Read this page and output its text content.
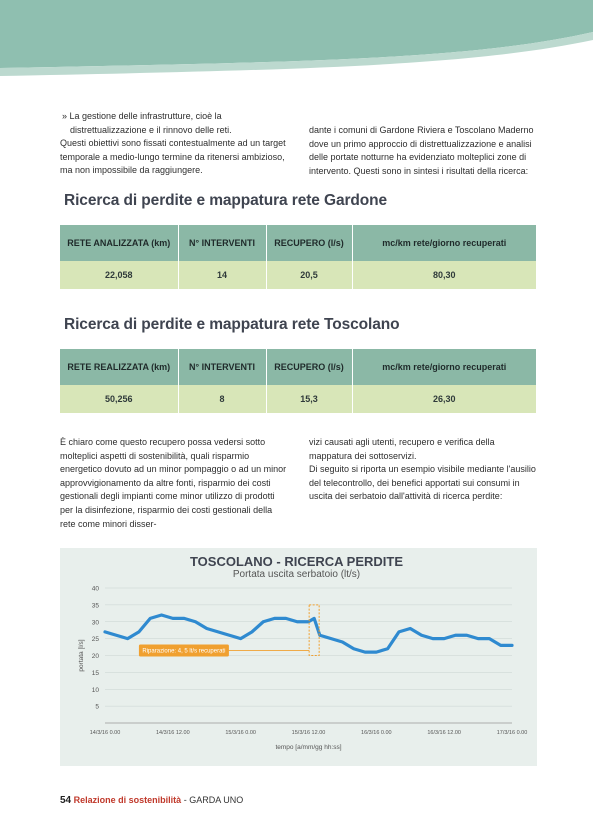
» La gestione delle infrastrutture, cioè la distrettualizzazione e il rinnovo delle reti.

Questi obiettivi sono fissati contestualmente ad un target temporale a medio-lungo termine da ritenersi ambizioso, ma non impossibile da raggiungere.

dante i comuni di Gardone Riviera e Toscolano Maderno dove un primo approccio di distrettualizzazione e analisi delle portate notturne ha evidenziato molteplici zone di intervento. Questi sono in sintesi i risultati della ricerca:
Ricerca di perdite e mappatura rete Gardone
RETE ANALIZZATA (km)	N° INTERVENTI	RECUPERO (l/s)	mc/km rete/giorno recuperati
22,058	14	20,5	80,30
Ricerca di perdite e mappatura rete Toscolano
RETE REALIZZATA (km)	N° INTERVENTI	RECUPERO (l/s)	mc/km rete/giorno recuperati
50,256	8	15,3	26,30
È chiaro come questo recupero possa vedersi sotto molteplici aspetti di sostenibilità, quali risparmio energetico dovuto ad un minor pompaggio o ad un minor approvvigionamento da altre fonti, risparmio dei costi gestionali degli impianti come minor utilizzo di prodotti per la disinfezione, risparmio dei costi gestionali della rete come minori disser-

vizi causati agli utenti, recupero e verifica della mappatura dei sottoservizi.

Di seguito si riporta un esempio visibile mediante l'ausilio del telecontrollo, dei benefici apportati sui consumi in uscita dei serbatoio dall'attività di ricerca perdite:

TOSCOLANO - RICERCA PERDITE
Portata uscita serbatoio (lt/s)
5
10
15
20
25
30
35
40
14/3/16 0.00	14/3/16 12.00	15/3/16 0.00	15/3/16 12.00	16/3/16 0.00	16/3/16 12.00	17/3/16 0.00
portata [l/s]
tempo [a/mm/gg hh:ss]
Riparazione: 4, 5 lt/s recuperati
54 Relazione di sostenibilità - GARDA UNO
